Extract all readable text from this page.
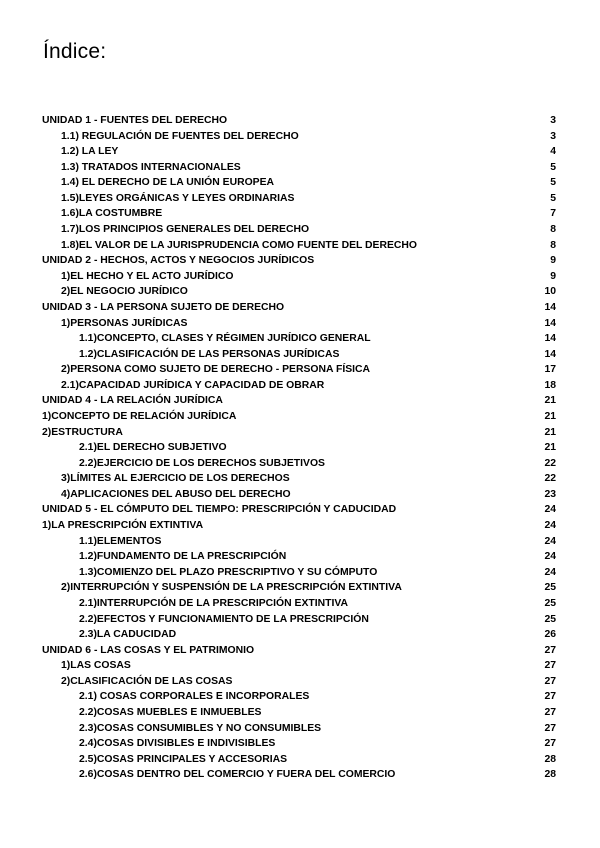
Índice:
UNIDAD 1 - FUENTES DEL DERECHO	3
1.1) REGULACIÓN DE FUENTES DEL DERECHO	3
1.2) LA LEY	4
1.3) TRATADOS INTERNACIONALES	5
1.4) EL DERECHO DE LA UNIÓN EUROPEA	5
1.5)LEYES ORGÁNICAS Y LEYES ORDINARIAS	5
1.6)LA COSTUMBRE	7
1.7)LOS PRINCIPIOS GENERALES DEL DERECHO	8
1.8)EL VALOR DE LA JURISPRUDENCIA COMO FUENTE DEL DERECHO	8
UNIDAD 2 - HECHOS, ACTOS Y NEGOCIOS JURÍDICOS	9
1)EL HECHO Y EL ACTO JURÍDICO	9
2)EL NEGOCIO JURÍDICO	10
UNIDAD 3 - LA PERSONA SUJETO DE DERECHO	14
1)PERSONAS JURÍDICAS	14
1.1)CONCEPTO, CLASES Y RÉGIMEN JURÍDICO GENERAL	14
1.2)CLASIFICACIÓN DE LAS PERSONAS JURÍDICAS	14
2)PERSONA COMO SUJETO DE DERECHO - PERSONA FÍSICA	17
2.1)CAPACIDAD JURÍDICA Y CAPACIDAD DE OBRAR	18
UNIDAD 4 - LA RELACIÓN JURÍDICA	21
1)CONCEPTO DE RELACIÓN JURÍDICA	21
2)ESTRUCTURA	21
2.1)EL DERECHO SUBJETIVO	21
2.2)EJERCICIO DE LOS DERECHOS SUBJETIVOS	22
3)LÍMITES AL EJERCICIO DE LOS DERECHOS	22
4)APLICACIONES DEL ABUSO DEL DERECHO	23
UNIDAD 5 - EL CÓMPUTO DEL TIEMPO: PRESCRIPCIÓN Y CADUCIDAD	24
1)LA PRESCRIPCIÓN EXTINTIVA	24
1.1)ELEMENTOS	24
1.2)FUNDAMENTO DE LA PRESCRIPCIÓN	24
1.3)COMIENZO DEL PLAZO PRESCRIPTIVO Y SU CÓMPUTO	24
2)INTERRUPCIÓN Y SUSPENSIÓN DE LA PRESCRIPCIÓN EXTINTIVA	25
2.1)INTERRUPCIÓN DE LA PRESCRIPCIÓN EXTINTIVA	25
2.2)EFECTOS Y FUNCIONAMIENTO DE LA PRESCRIPCIÓN	25
2.3)LA CADUCIDAD	26
UNIDAD 6 - LAS COSAS Y EL PATRIMONIO	27
1)LAS COSAS	27
2)CLASIFICACIÓN DE LAS COSAS	27
2.1) COSAS CORPORALES E INCORPORALES	27
2.2)COSAS MUEBLES E INMUEBLES	27
2.3)COSAS CONSUMIBLES Y NO CONSUMIBLES	27
2.4)COSAS DIVISIBLES E INDIVISIBLES	27
2.5)COSAS PRINCIPALES Y ACCESORIAS	28
2.6)COSAS DENTRO DEL COMERCIO Y FUERA DEL COMERCIO	28
